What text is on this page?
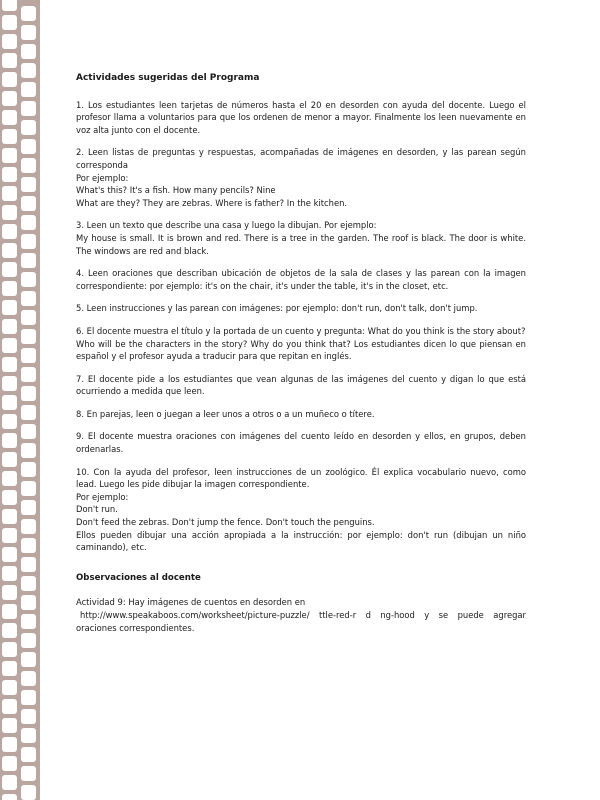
Actividades sugeridas del Programa
1. Los estudiantes leen tarjetas de números hasta el 20 en desorden con ayuda del docente. Luego el profesor llama a voluntarios para que los ordenen de menor a mayor. Finalmente los leen nuevamente en voz alta junto con el docente.
2. Leen listas de preguntas y respuestas, acompañadas de imágenes en desorden, y las parean según corresponda
Por ejemplo:
What's this? It's a fish. How many pencils? Nine
What are they? They are zebras. Where is father? In the kitchen.
3. Leen un texto que describe una casa y luego la dibujan. Por ejemplo:
My house is small. It is brown and red. There is a tree in the garden. The roof is black. The door is white. The windows are red and black.
4. Leen oraciones que describan ubicación de objetos de la sala de clases y las parean con la imagen correspondiente: por ejemplo: it's on the chair, it's under the table, it's in the closet, etc.
5. Leen instrucciones y las parean con imágenes: por ejemplo: don't run, don't talk, don't jump.
6. El docente muestra el título y la portada de un cuento y pregunta: What do you think is the story about?
Who will be the characters in the story? Why do you think that? Los estudiantes dicen lo que piensan en español y el profesor ayuda a traducir para que repitan en inglés.
7. El docente pide a los estudiantes que vean algunas de las imágenes del cuento y digan lo que está ocurriendo a medida que leen.
8. En parejas, leen o juegan a leer unos a otros o a un muñeco o títere.
9. El docente muestra oraciones con imágenes del cuento leído en desorden y ellos, en grupos, deben ordenarlas.
10. Con la ayuda del profesor, leen instrucciones de un zoológico. Él explica vocabulario nuevo, como lead. Luego les pide dibujar la imagen correspondiente.
Por ejemplo:
Don't run.
Don't feed the zebras. Don't jump the fence. Don't touch the penguins.
Ellos pueden dibujar una acción apropiada a la instrucción: por ejemplo: don't run (dibujan un niño caminando), etc.
Observaciones al docente
Actividad 9: Hay imágenes de cuentos en desorden en
http://www.speakaboos.com/worksheet/picture-puzzle/ ttle-red-r d ng-hood y se puede agregar
oraciones correspondientes.
